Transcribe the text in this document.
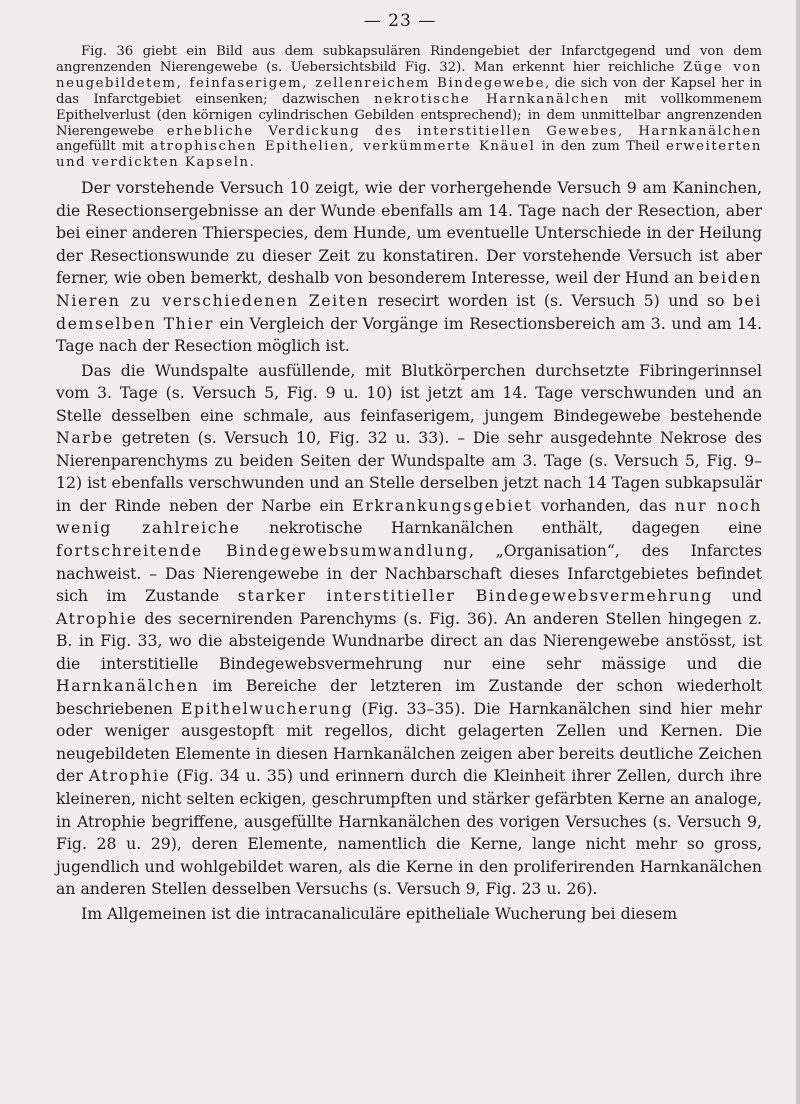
— 23 —

Fig. 36 giebt ein Bild aus dem subkapsulären Rindengebiet der Infarctgegend und von dem angrenzenden Nierengewebe (s. Uebersichtsbild Fig. 32). Man erkennt hier reichliche Züge von neugebildetem, feinfaserigem, zellenreichem Bindegewebe, die sich von der Kapsel her in das Infarctgebiet einsenken; dazwischen nekrotische Harnkanälchen mit vollkommenem Epithelverlust (den körnigen cylindrischen Gebilden entsprechend); in dem unmittelbar angrenzenden Nierengewebe erhebliche Verdickung des interstitiellen Gewebes, Harnkanälchen angefüllt mit atrophischen Epithelien, verkümmerte Knäuel in den zum Theil erweiterten und verdickten Kapseln.

Der vorstehende Versuch 10 zeigt, wie der vorhergehende Versuch 9 am Kaninchen, die Resectionsergebnisse an der Wunde ebenfalls am 14. Tage nach der Resection, aber bei einer anderen Thierspecies, dem Hunde, um eventuelle Unterschiede in der Heilung der Resectionswunde zu dieser Zeit zu konstatiren. Der vorstehende Versuch ist aber ferner, wie oben bemerkt, deshalb von besonderem Interesse, weil der Hund an beiden Nieren zu verschiedenen Zeiten resecirt worden ist (s. Versuch 5) und so bei demselben Thier ein Vergleich der Vorgänge im Resectionsbereich am 3. und am 14. Tage nach der Resection möglich ist.

Das die Wundspalte ausfüllende, mit Blutkörperchen durchsetzte Fibringerinnsel vom 3. Tage (s. Versuch 5, Fig. 9 u. 10) ist jetzt am 14. Tage verschwunden und an Stelle desselben eine schmale, aus feinfaserigem, jungem Bindegewebe bestehende Narbe getreten (s. Versuch 10, Fig. 32 u. 33). – Die sehr ausgedehnte Nekrose des Nierenparenchyms zu beiden Seiten der Wundspalte am 3. Tage (s. Versuch 5, Fig. 9–12) ist ebenfalls verschwunden und an Stelle derselben jetzt nach 14 Tagen subkapsulär in der Rinde neben der Narbe ein Erkrankungsgebiet vorhanden, das nur noch wenig zahlreiche nekrotische Harnkanälchen enthält, dagegen eine fortschreitende Bindegewebsumwandlung, „Organisation“, des Infarctes nachweist. – Das Nierengewebe in der Nachbarschaft dieses Infarctgebietes befindet sich im Zustande starker interstitieller Bindegewebsvermehrung und Atrophie des secernirenden Parenchyms (s. Fig. 36). An anderen Stellen hingegen z. B. in Fig. 33, wo die absteigende Wundnarbe direct an das Nierengewebe anstösst, ist die interstitielle Bindegewebsvermehrung nur eine sehr mässige und die Harnkanälchen im Bereiche der letzteren im Zustande der schon wiederholt beschriebenen Epithelwucherung (Fig. 33–35). Die Harnkanälchen sind hier mehr oder weniger ausgestopft mit regellos, dicht gelagerten Zellen und Kernen. Die neugebildeten Elemente in diesen Harnkanälchen zeigen aber bereits deutliche Zeichen der Atrophie (Fig. 34 u. 35) und erinnern durch die Kleinheit ihrer Zellen, durch ihre kleineren, nicht selten eckigen, geschrumpften und stärker gefärbten Kerne an analoge, in Atrophie begriffene, ausgefüllte Harnkanälchen des vorigen Versuches (s. Versuch 9, Fig. 28 u. 29), deren Elemente, namentlich die Kerne, lange nicht mehr so gross, jugendlich und wohlgebildet waren, als die Kerne in den proliferirenden Harnkanälchen an anderen Stellen desselben Versuchs (s. Versuch 9, Fig. 23 u. 26).

Im Allgemeinen ist die intracanaliculäre epitheliale Wucherung bei diesem
